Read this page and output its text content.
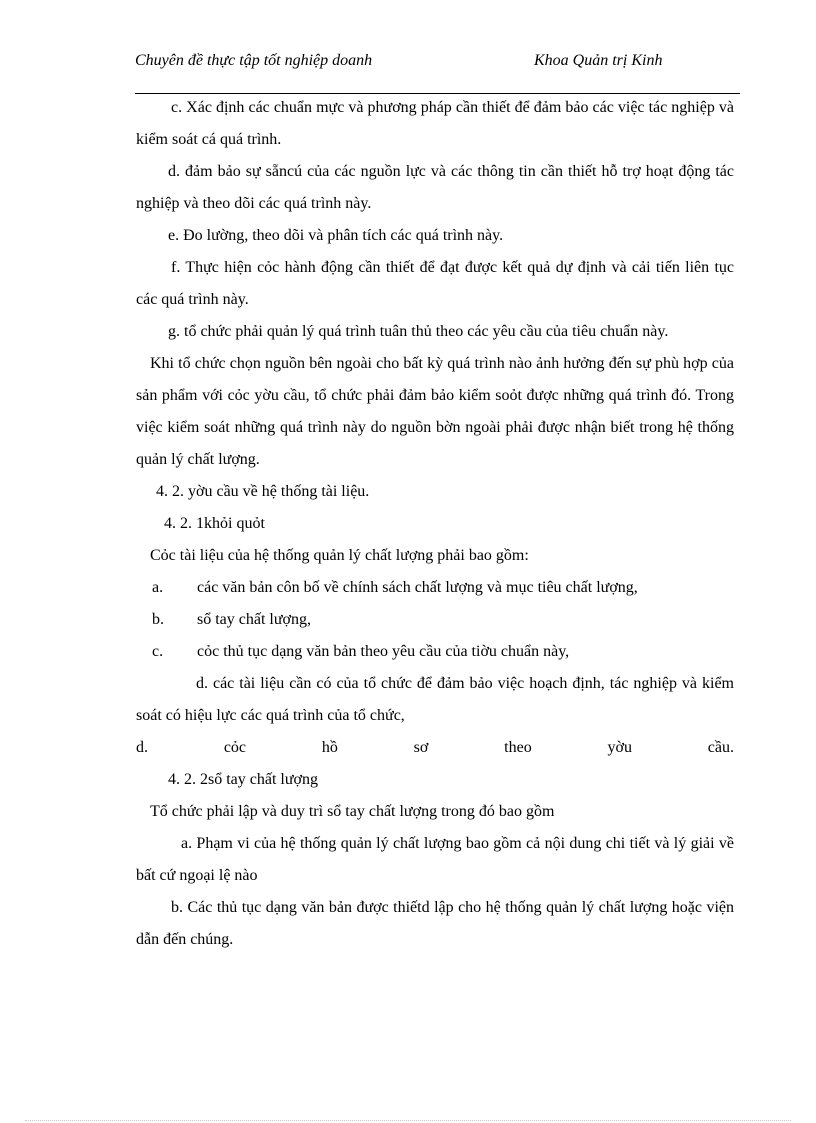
Chuyên đề thực tập tốt nghiệp doanh	Khoa Quản trị Kinh

c. Xác định các chuẩn mực và phương pháp cần thiết để đảm bảo các việc tác nghiệp và kiểm soát cá quá trình.

d. đảm bảo sự sẵncú của các nguồn lực và các thông tin cần thiết hỗ trợ hoạt động tác nghiệp và theo dõi các quá trình này.

e. Đo lường, theo dõi và phân tích các quá trình này.

f. Thực hiện cỏc hành động cần thiết để đạt được kết quả dự định và cải tiến liên tục các quá trình này.

g. tổ chức phải quản lý quá trình tuân thủ theo các yêu cầu của tiêu chuẩn này.

Khi tổ chức chọn nguồn bên ngoài cho bất kỳ quá trình nào ảnh hưởng đến sự phù hợp của sản phẩm với cỏc yờu cầu, tổ chức phải đảm bảo kiểm soỏt được những quá trình đó. Trong việc kiểm soát những quá trình này do nguồn bờn ngoài phải được nhận biết trong hệ thống quản lý chất lượng.

4. 2. yờu cầu về hệ thống tài liệu.

4. 2. 1khỏi quỏt

Cỏc tài liệu của hệ thống quản lý chất lượng phải bao gồm:

a.	các văn bản côn bố về chính sách chất lượng và mục tiêu chất lượng,
b.	sổ tay chất lượng,
c.	cỏc thủ tục dạng văn bản theo yêu cầu của tiờu chuẩn này,

d. các tài liệu cần có của tổ chức để đảm bảo việc hoạch định, tác nghiệp và kiểm soát có hiệu lực các quá trình của tổ chức,

d.	cỏc	hồ	sơ	theo	yờu	cầu.

4. 2. 2sổ tay chất lượng

Tổ chức phải lập và duy trì sổ tay chất lượng trong đó bao gồm

a. Phạm vi của hệ thống quản lý chất lượng bao gồm cả nội dung chi tiết và lý giải về bất cứ ngoại lệ nào

b. Các thủ tục dạng văn bản được thiếtd lập cho hệ thống quản lý chất lượng hoặc viện dẫn đến chúng.
